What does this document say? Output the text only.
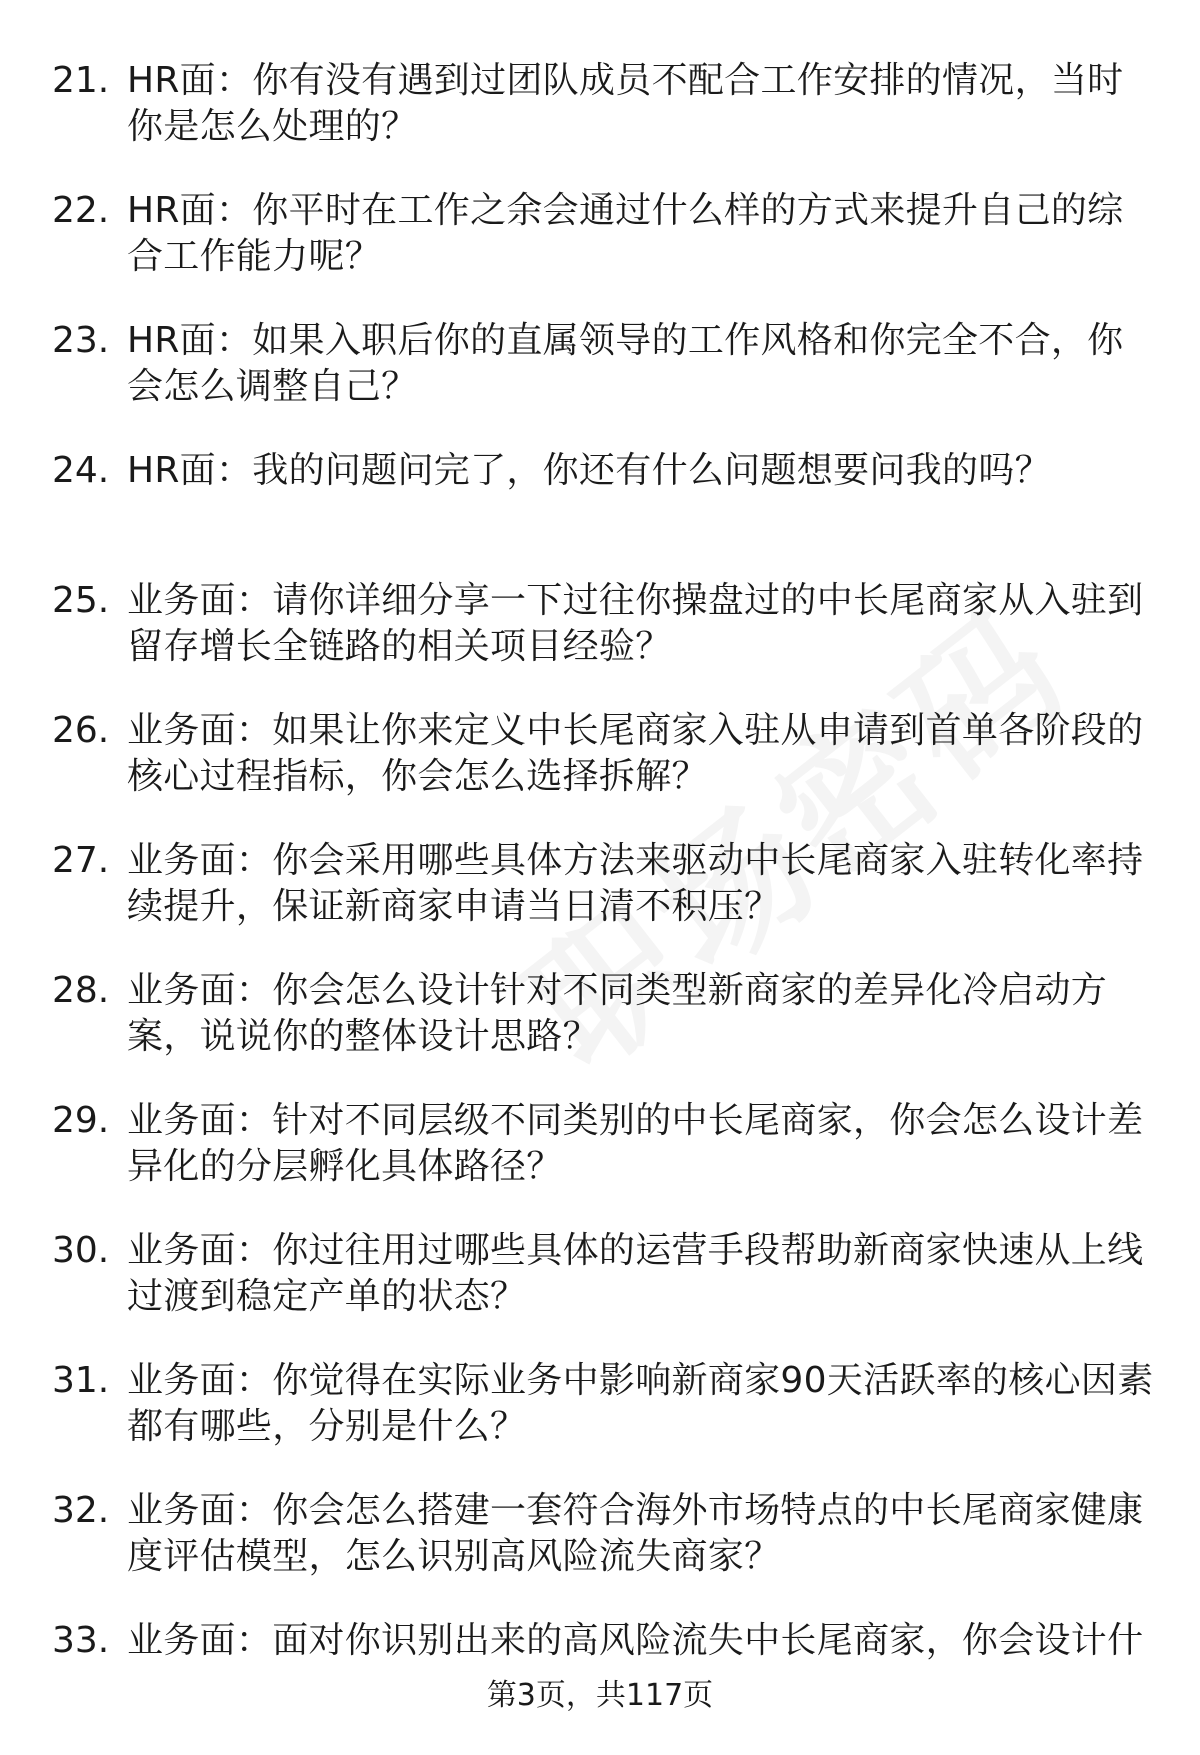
21. HR面：你有没有遇到过团队成员不配合工作安排的情况，当时你是怎么处理的？
22. HR面：你平时在工作之余会通过什么样的方式来提升自己的综合工作能力呢？
23. HR面：如果入职后你的直属领导的工作风格和你完全不合，你会怎么调整自己？
24. HR面：我的问题问完了，你还有什么问题想要问我的吗？
25. 业务面：请你详细分享一下过往你操盘过的中长尾商家从入驻到留存增长全链路的相关项目经验？
26. 业务面：如果让你来定义中长尾商家入驻从申请到首单各阶段的核心过程指标，你会怎么选择拆解？
27. 业务面：你会采用哪些具体方法来驱动中长尾商家入驻转化率持续提升，保证新商家申请当日清不积压？
28. 业务面：你会怎么设计针对不同类型新商家的差异化冷启动方案，说说你的整体设计思路？
29. 业务面：针对不同层级不同类别的中长尾商家，你会怎么设计差异化的分层孵化具体路径？
30. 业务面：你过往用过哪些具体的运营手段帮助新商家快速从上线过渡到稳定产单的状态？
31. 业务面：你觉得在实际业务中影响新商家90天活跃率的核心因素都有哪些，分别是什么？
32. 业务面：你会怎么搭建一套符合海外市场特点的中长尾商家健康度评估模型，怎么识别高风险流失商家？
33. 业务面：面对你识别出来的高风险流失中长尾商家，你会设计什
第3页，共117页
